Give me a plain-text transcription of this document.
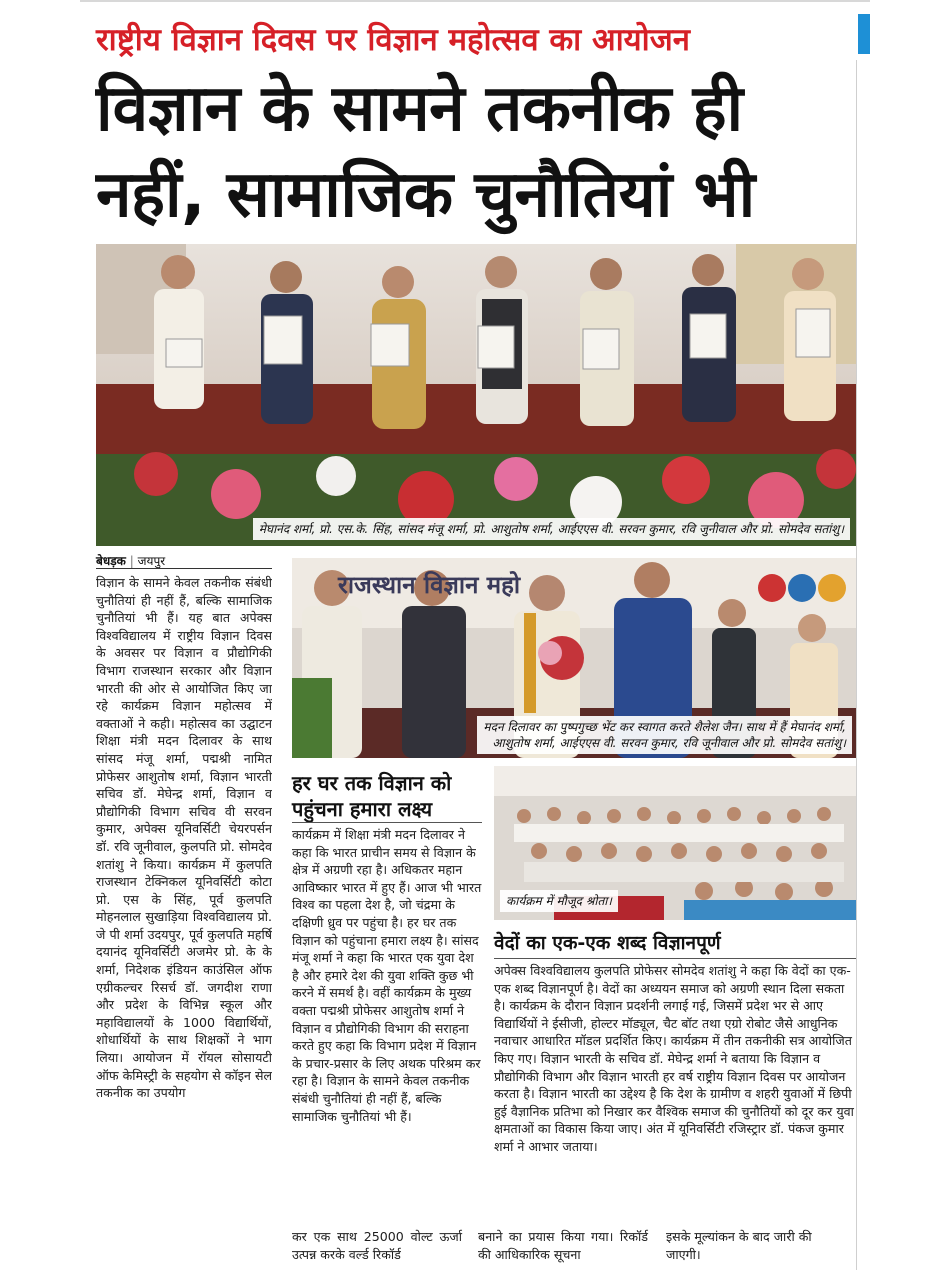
राष्ट्रीय विज्ञान दिवस पर विज्ञान महोत्सव का आयोजन
विज्ञान के सामने तकनीक ही
नहीं, सामाजिक चुनौतियां भी
मेघानंद शर्मा, प्रो. एस.के. सिंह, सांसद मंजू शर्मा, प्रो. आशुतोष शर्मा, आईएएस वी. सरवन कुमार, रवि जुनीवाल और प्रो. सोमदेव सतांशु।
बेधड़क | जयपुर

विज्ञान के सामने केवल तकनीक संबंधी चुनौतियां ही नहीं हैं, बल्कि सामाजिक चुनौतियां भी हैं। यह बात अपेक्स विश्वविद्यालय में राष्ट्रीय विज्ञान दिवस के अवसर पर विज्ञान व प्रौद्योगिकी विभाग राजस्थान सरकार और विज्ञान भारती की ओर से आयोजित किए जा रहे कार्यक्रम विज्ञान महोत्सव में वक्ताओं ने कही। महोत्सव का उद्घाटन शिक्षा मंत्री मदन दिलावर के साथ सांसद मंजू शर्मा, पद्मश्री नामित प्रोफेसर आशुतोष शर्मा, विज्ञान भारती सचिव डॉ. मेघेन्द्र शर्मा, विज्ञान व प्रौद्योगिकी विभाग सचिव वी सरवन कुमार, अपेक्स यूनिवर्सिटी चेयरपर्सन डॉ. रवि जूनीवाल, कुलपति प्रो. सोमदेव शतांशु ने किया। कार्यक्रम में कुलपति राजस्थान टेक्निकल यूनिवर्सिटी कोटा प्रो. एस के सिंह, पूर्व कुलपति मोहनलाल सुखाड़िया विश्वविद्यालय प्रो. जे पी शर्मा उदयपुर, पूर्व कुलपति महर्षि दयानंद यूनिवर्सिटी अजमेर प्रो. के के शर्मा, निदेशक इंडियन काउंसिल ऑफ एग्रीकल्चर रिसर्च डॉ. जगदीश राणा और प्रदेश के विभिन्न स्कूल और महाविद्यालयों के 1000 विद्यार्थियों, शोधार्थियों के साथ शिक्षकों ने भाग लिया। आयोजन में रॉयल सोसायटी ऑफ केमिस्ट्री के सहयोग से कॉइन सेल तकनीक का उपयोग

राजस्थान विज्ञान महो
मदन दिलावर का पुष्पगुच्छ भेंट कर स्वागत करते शैलेश जैन। साथ में हैं मेघानंद शर्मा,
आशुतोष शर्मा, आईएएस वी. सरवन कुमार, रवि जूनीवाल और प्रो. सोमदेव सतांशु।
हर घर तक विज्ञान को
पहुंचना हमारा लक्ष्य

कार्यक्रम में शिक्षा मंत्री मदन दिलावर ने कहा कि भारत प्राचीन समय से विज्ञान के क्षेत्र में अग्रणी रहा है। अधिकतर महान आविष्कार भारत में हुए हैं। आज भी भारत विश्व का पहला देश है, जो चंद्रमा के दक्षिणी ध्रुव पर पहुंचा है। हर घर तक विज्ञान को पहुंचाना हमारा लक्ष्य है। सांसद मंजू शर्मा ने कहा कि भारत एक युवा देश है और हमारे देश की युवा शक्ति कुछ भी करने में समर्थ है। वहीं कार्यक्रम के मुख्य वक्ता पद्मश्री प्रोफेसर आशुतोष शर्मा ने विज्ञान व प्रौद्योगिकी विभाग की सराहना करते हुए कहा कि विभाग प्रदेश में विज्ञान के प्रचार-प्रसार के लिए अथक परिश्रम कर रहा है। विज्ञान के सामने केवल तकनीक संबंधी चुनौतियां ही नहीं हैं, बल्कि सामाजिक चुनौतियां भी हैं।

कार्यक्रम में मौजूद श्रोता।
वेदों का एक-एक शब्द विज्ञानपूर्ण

अपेक्स विश्वविद्यालय कुलपति प्रोफेसर सोमदेव शतांशु ने कहा कि वेदों का एक-एक शब्द विज्ञानपूर्ण है। वेदों का अध्ययन समाज को अग्रणी स्थान दिला सकता है। कार्यक्रम के दौरान विज्ञान प्रदर्शनी लगाई गई, जिसमें प्रदेश भर से आए विद्यार्थियों ने ईसीजी, होल्टर मॉड्यूल, चैट बॉट तथा एग्रो रोबोट जैसे आधुनिक नवाचार आधारित मॉडल प्रदर्शित किए। कार्यक्रम में तीन तकनीकी सत्र आयोजित किए गए। विज्ञान भारती के सचिव डॉ. मेघेन्द्र शर्मा ने बताया कि विज्ञान व प्रौद्योगिकी विभाग और विज्ञान भारती हर वर्ष राष्ट्रीय विज्ञान दिवस पर आयोजन करता है। विज्ञान भारती का उद्देश्य है कि देश के ग्रामीण व शहरी युवाओं में छिपी हुई वैज्ञानिक प्रतिभा को निखार कर वैश्विक समाज की चुनौतियों को दूर कर युवा क्षमताओं का विकास किया जाए। अंत में यूनिवर्सिटी रजिस्ट्रार डॉ. पंकज कुमार शर्मा ने आभार जताया।

कर एक साथ 25000 वोल्ट ऊर्जा उत्पन्न करके वर्ल्ड रिकॉर्ड
बनाने का प्रयास किया गया। रिकॉर्ड की आधिकारिक सूचना
इसके मूल्यांकन के बाद जारी की जाएगी।
